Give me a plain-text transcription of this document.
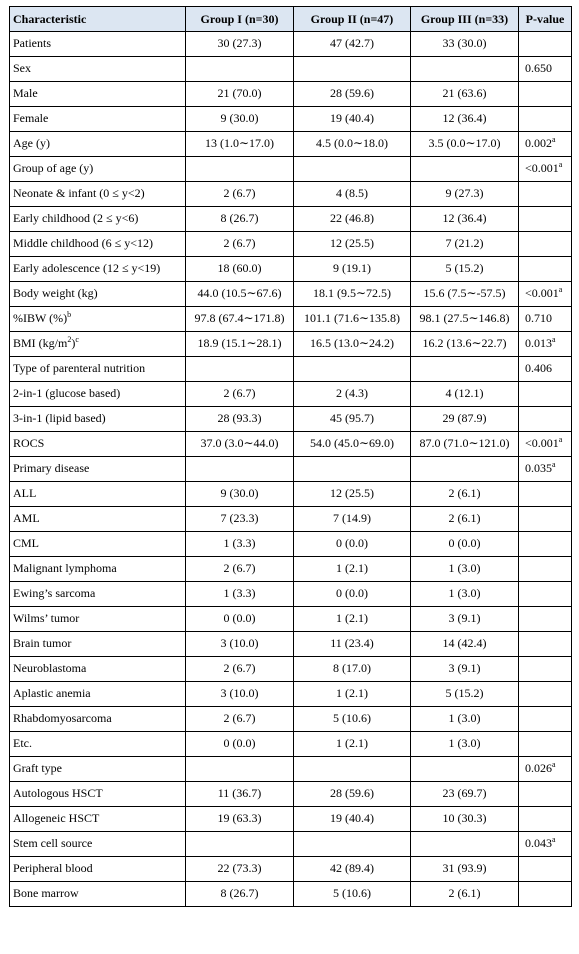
Characteristic	Group I (n=30)	Group II (n=47)	Group III (n=33)	P-value
Patients	30 (27.3)	47 (42.7)	33 (30.0)	
Sex				0.650
Male	21 (70.0)	28 (59.6)	21 (63.6)	
Female	9 (30.0)	19 (40.4)	12 (36.4)	
Age (y)	13 (1.0∼17.0)	4.5 (0.0∼18.0)	3.5 (0.0∼17.0)	0.002$^a$
Group of age (y)				<0.001$^a$
Neonate & infant (0 ≤ y<2)	2 (6.7)	4 (8.5)	9 (27.3)	
Early childhood (2 ≤ y<6)	8 (26.7)	22 (46.8)	12 (36.4)	
Middle childhood (6 ≤ y<12)	2 (6.7)	12 (25.5)	7 (21.2)	
Early adolescence (12 ≤ y<19)	18 (60.0)	9 (19.1)	5 (15.2)	
Body weight (kg)	44.0 (10.5∼67.6)	18.1 (9.5∼72.5)	15.6 (7.5∼-57.5)	<0.001$^a$
%IBW (%)$^b$	97.8 (67.4∼171.8)	101.1 (71.6∼135.8)	98.1 (27.5∼146.8)	0.710
BMI $(kg/m^2)^c$	18.9 (15.1∼28.1)	16.5 (13.0∼24.2)	16.2 (13.6∼22.7)	0.013$^a$
Type of parenteral nutrition				0.406
2-in-1 (glucose based)	2 (6.7)	2 (4.3)	4 (12.1)	
3-in-1 (lipid based)	28 (93.3)	45 (95.7)	29 (87.9)	
ROCS	37.0 (3.0∼44.0)	54.0 (45.0∼69.0)	87.0 (71.0∼121.0)	<0.001$^a$
Primary disease				0.035$^a$
ALL	9 (30.0)	12 (25.5)	2 (6.1)	
AML	7 (23.3)	7 (14.9)	2 (6.1)	
CML	1 (3.3)	0 (0.0)	0 (0.0)	
Malignant lymphoma	2 (6.7)	1 (2.1)	1 (3.0)	
Ewing’s sarcoma	1 (3.3)	0 (0.0)	1 (3.0)	
Wilms’ tumor	0 (0.0)	1 (2.1)	3 (9.1)	
Brain tumor	3 (10.0)	11 (23.4)	14 (42.4)	
Neuroblastoma	2 (6.7)	8 (17.0)	3 (9.1)	
Aplastic anemia	3 (10.0)	1 (2.1)	5 (15.2)	
Rhabdomyosarcoma	2 (6.7)	5 (10.6)	1 (3.0)	
Etc.	0 (0.0)	1 (2.1)	1 (3.0)	
Graft type				0.026$^a$
Autologous HSCT	11 (36.7)	28 (59.6)	23 (69.7)	
Allogeneic HSCT	19 (63.3)	19 (40.4)	10 (30.3)	
Stem cell source				0.043$^a$
Peripheral blood	22 (73.3)	42 (89.4)	31 (93.9)	
Bone marrow	8 (26.7)	5 (10.6)	2 (6.1)	
